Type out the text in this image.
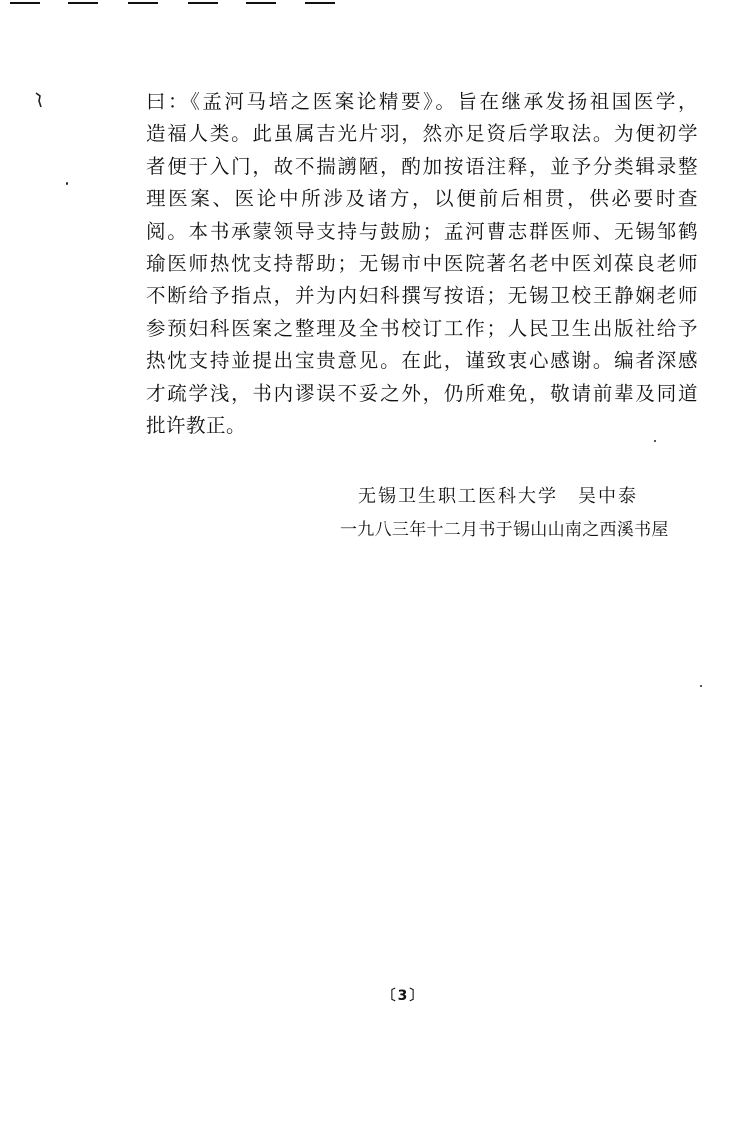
曰：《孟河马培之医案论精要》。旨在继承发扬祖国医学，
造福人类。此虽属吉光片羽，然亦足资后学取法。为便初学
者便于入门，故不揣謭陋，酌加按语注释，並予分类辑录整
理医案、医论中所涉及诸方，以便前后相贯，供必要时查
阅。本书承蒙领导支持与鼓励；孟河曹志群医师、无锡邹鹤
瑜医师热忱支持帮助；无锡市中医院著名老中医刘葆良老师
不断给予指点，并为内妇科撰写按语；无锡卫校王静娴老师
参预妇科医案之整理及全书校订工作；人民卫生出版社给予
热忱支持並提出宝贵意见。在此，谨致衷心感谢。编者深感
才疏学浅，书内谬误不妥之外，仍所难免，敬请前辈及同道
批许教正。
无锡卫生职工医科大学　吴中泰
一九八三年十二月书于锡山山南之西溪书屋
〔3〕
